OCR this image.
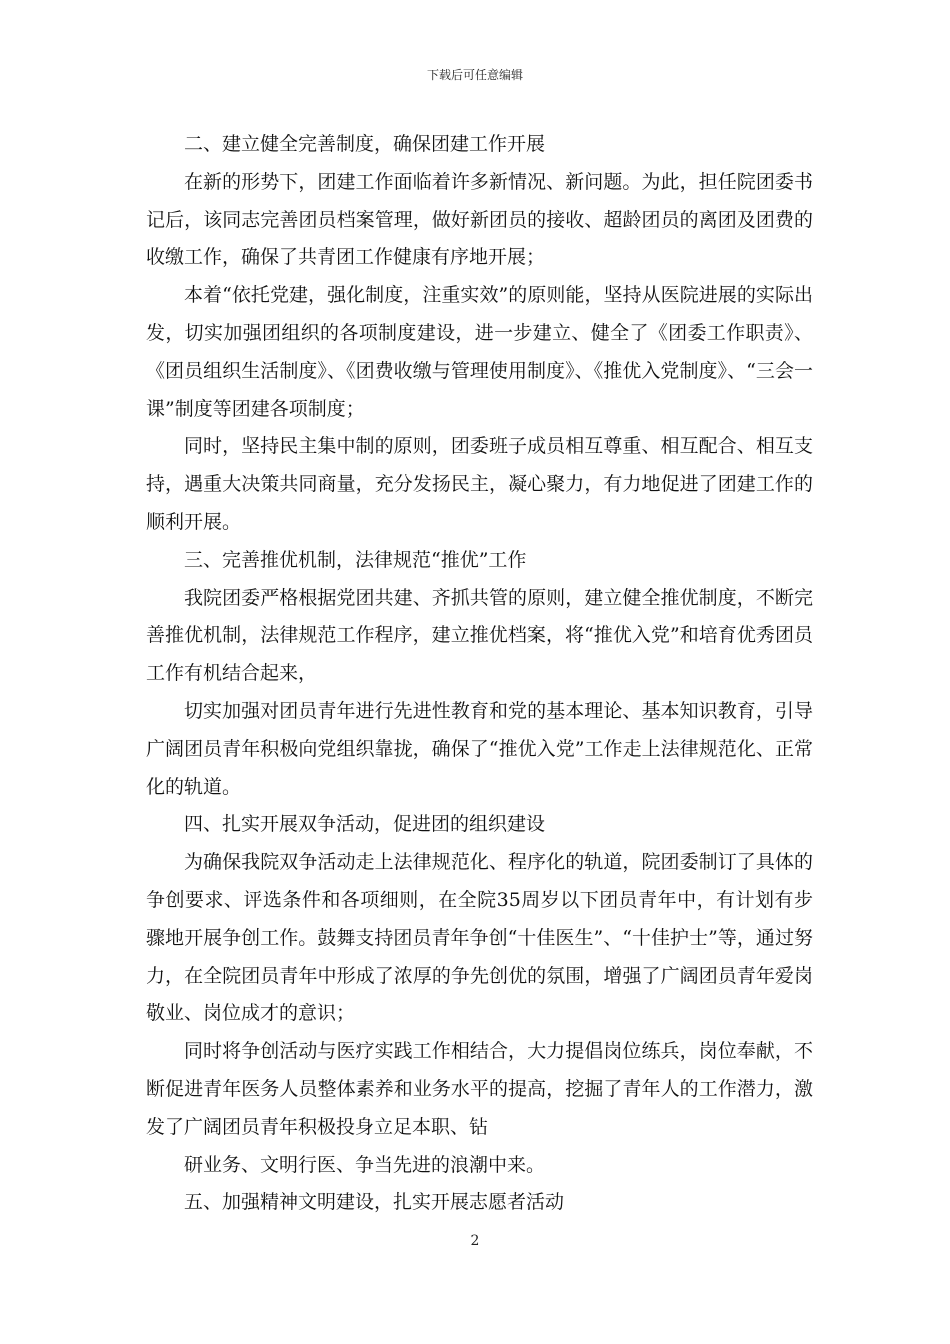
下载后可任意编辑

二、建立健全完善制度，确保团建工作开展

在新的形势下，团建工作面临着许多新情况、新问题。为此，担任院团委书记后，该同志完善团员档案管理，做好新团员的接收、超龄团员的离团及团费的收缴工作，确保了共青团工作健康有序地开展；

本着“依托党建，强化制度，注重实效”的原则能，坚持从医院进展的实际出发，切实加强团组织的各项制度建设，进一步建立、健全了《团委工作职责》、《团员组织生活制度》、《团费收缴与管理使用制度》、《推优入党制度》、“三会一课”制度等团建各项制度；

同时，坚持民主集中制的原则，团委班子成员相互尊重、相互配合、相互支持，遇重大决策共同商量，充分发扬民主，凝心聚力，有力地促进了团建工作的顺利开展。

三、完善推优机制，法律规范“推优”工作

我院团委严格根据党团共建、齐抓共管的原则，建立健全推优制度，不断完善推优机制，法律规范工作程序，建立推优档案，将“推优入党”和培育优秀团员工作有机结合起来，

切实加强对团员青年进行先进性教育和党的基本理论、基本知识教育，引导广阔团员青年积极向党组织靠拢，确保了“推优入党”工作走上法律规范化、正常化的轨道。

四、扎实开展双争活动，促进团的组织建设

为确保我院双争活动走上法律规范化、程序化的轨道，院团委制订了具体的争创要求、评选条件和各项细则，在全院35周岁以下团员青年中，有计划有步骤地开展争创工作。鼓舞支持团员青年争创“十佳医生”、“十佳护士”等，通过努力，在全院团员青年中形成了浓厚的争先创优的氛围，增强了广阔团员青年爱岗敬业、岗位成才的意识；

同时将争创活动与医疗实践工作相结合，大力提倡岗位练兵，岗位奉献，不断促进青年医务人员整体素养和业务水平的提高，挖掘了青年人的工作潜力，激发了广阔团员青年积极投身立足本职、钻

研业务、文明行医、争当先进的浪潮中来。

五、加强精神文明建设，扎实开展志愿者活动

2
